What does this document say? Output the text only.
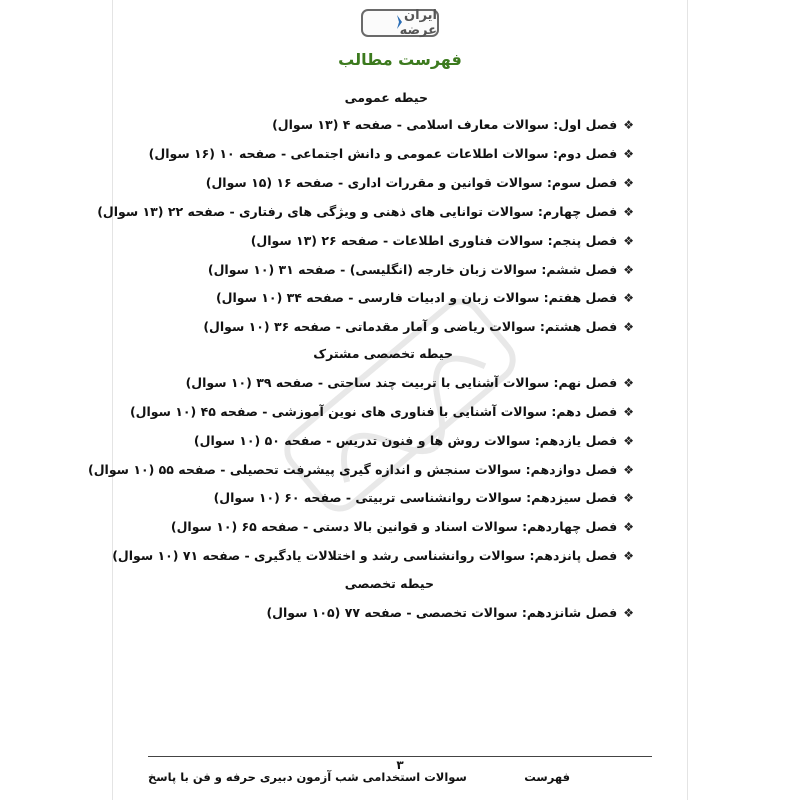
ایران عرضه
فهرست مطالب
حیطه عمومی
❖فصل اول: سوالات معارف اسلامی - صفحه ۴ (۱۳ سوال)
❖فصل دوم: سوالات اطلاعات عمومی و دانش اجتماعی - صفحه ۱۰ (۱۶ سوال)
❖فصل سوم: سوالات قوانین و مقررات اداری - صفحه ۱۶ (۱۵ سوال)
❖فصل چهارم: سوالات توانایی های ذهنی و ویژگی های رفتاری - صفحه ۲۲ (۱۳ سوال)
❖فصل پنجم: سوالات فناوری اطلاعات - صفحه ۲۶ (۱۳ سوال)
❖فصل ششم: سوالات زبان خارجه (انگلیسی) - صفحه ۳۱ (۱۰ سوال)
❖فصل هفتم: سوالات زبان و ادبیات فارسی - صفحه ۳۴ (۱۰ سوال)
❖فصل هشتم: سوالات ریاضی و آمار مقدماتی - صفحه ۳۶ (۱۰ سوال)
حیطه تخصصی مشترک
❖فصل نهم: سوالات آشنایی با تربیت چند ساحتی - صفحه ۳۹ (۱۰ سوال)
❖فصل دهم: سوالات آشنایی با فناوری های نوین آموزشی - صفحه ۴۵ (۱۰ سوال)
❖فصل یازدهم: سوالات روش ها و فنون تدریس - صفحه ۵۰ (۱۰ سوال)
❖فصل دوازدهم: سوالات سنجش و اندازه گیری پیشرفت تحصیلی - صفحه ۵۵ (۱۰ سوال)
❖فصل سیزدهم: سوالات روانشناسی تربیتی - صفحه ۶۰ (۱۰ سوال)
❖فصل چهاردهم: سوالات اسناد و قوانین بالا دستی - صفحه ۶۵ (۱۰ سوال)
❖فصل پانزدهم: سوالات روانشناسی رشد و اختلالات یادگیری - صفحه ۷۱ (۱۰ سوال)
حیطه تخصصی
❖فصل شانزدهم: سوالات تخصصی - صفحه ۷۷ (۱۰۵ سوال)
۳
فهرست
سوالات استخدامی شب آزمون دبیری حرفه و فن با پاسخ
